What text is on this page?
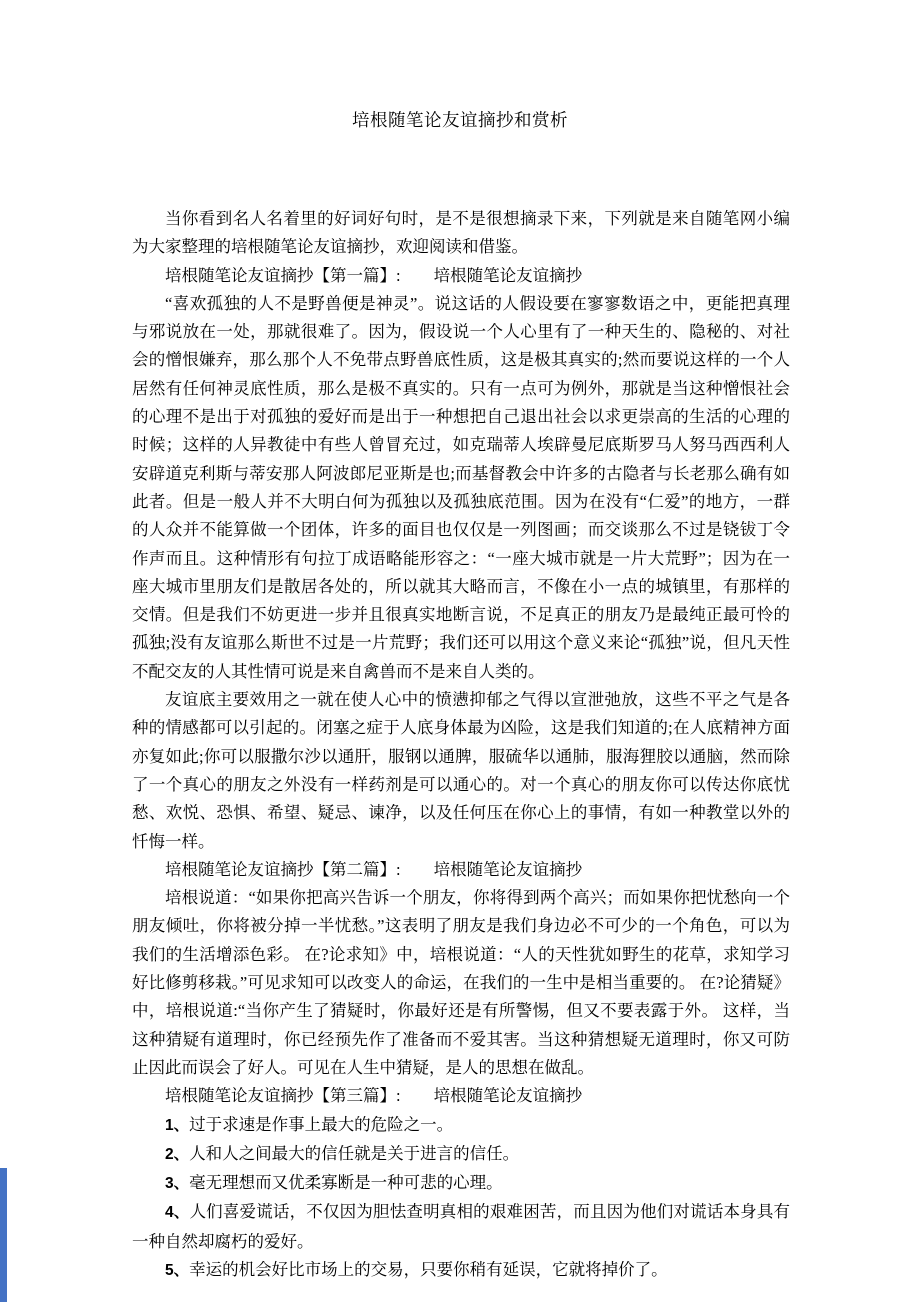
培根随笔论友谊摘抄和赏析

当你看到名人名着里的好词好句时，是不是很想摘录下来，下列就是来自随笔网小编为大家整理的培根随笔论友谊摘抄，欢迎阅读和借鉴。

培根随笔论友谊摘抄【第一篇】: 培根随笔论友谊摘抄

“喜欢孤独的人不是野兽便是神灵”。说这话的人假设要在寥寥数语之中，更能把真理与邪说放在一处，那就很难了。因为，假设说一个人心里有了一种天生的、隐秘的、对社会的憎恨嫌弃，那么那个人不免带点野兽底性质，这是极其真实的;然而要说这样的一个人居然有任何神灵底性质，那么是极不真实的。只有一点可为例外，那就是当这种憎恨社会的心理不是出于对孤独的爱好而是出于一种想把自己退出社会以求更崇高的生活的心理的时候；这样的人异教徒中有些人曾冒充过，如克瑞蒂人埃辟曼尼底斯罗马人努马西西利人安辟道克利斯与蒂安那人阿波郎尼亚斯是也;而基督教会中许多的古隐者与长老那么确有如此者。但是一般人并不大明白何为孤独以及孤独底范围。因为在没有“仁爱”的地方，一群的人众并不能算做一个团体，许多的面目也仅仅是一列图画；而交谈那么不过是铙钹丁令作声而且。这种情形有句拉丁成语略能形容之：“一座大城市就是一片大荒野”；因为在一座大城市里朋友们是散居各处的，所以就其大略而言，不像在小一点的城镇里，有那样的交情。但是我们不妨更进一步并且很真实地断言说，不足真正的朋友乃是最纯正最可怜的孤独;没有友谊那么斯世不过是一片荒野；我们还可以用这个意义来论“孤独”说，但凡天性不配交友的人其性情可说是来自禽兽而不是来自人类的。

友谊底主要效用之一就在使人心中的愤懑抑郁之气得以宣泄弛放，这些不平之气是各种的情感都可以引起的。闭塞之症于人底身体最为凶险，这是我们知道的;在人底精神方面亦复如此;你可以服撒尔沙以通肝，服钢以通脾，服硫华以通肺，服海狸胶以通脑，然而除了一个真心的朋友之外没有一样药剂是可以通心的。对一个真心的朋友你可以传达你底忧愁、欢悦、恐惧、希望、疑忌、谏净，以及任何压在你心上的事情，有如一种教堂以外的忏悔一样。

培根随笔论友谊摘抄【第二篇】: 培根随笔论友谊摘抄

培根说道：“如果你把高兴告诉一个朋友，你将得到两个高兴；而如果你把忧愁向一个朋友倾吐，你将被分掉一半忧愁。”这表明了朋友是我们身边必不可少的一个角色，可以为我们的生活增添色彩。 在?论求知》中，培根说道：“人的天性犹如野生的花草，求知学习好比修剪移栽。”可见求知可以改变人的命运，在我们的一生中是相当重要的。 在?论猜疑》中，培根说道:“当你产生了猜疑时，你最好还是有所警惕，但又不要表露于外。 这样，当这种猜疑有道理时，你已经预先作了准备而不爱其害。当这种猜想疑无道理时，你又可防止因此而误会了好人。可见在人生中猜疑，是人的思想在做乱。

培根随笔论友谊摘抄【第三篇】: 培根随笔论友谊摘抄

1、过于求速是作事上最大的危险之一。

2、人和人之间最大的信任就是关于进言的信任。

3、毫无理想而又优柔寡断是一种可悲的心理。

4、人们喜爱谎话，不仅因为胆怯查明真相的艰难困苦，而且因为他们对谎话本身具有一种自然却腐朽的爱好。

5、幸运的机会好比市场上的交易，只要你稍有延误，它就将掉价了。
